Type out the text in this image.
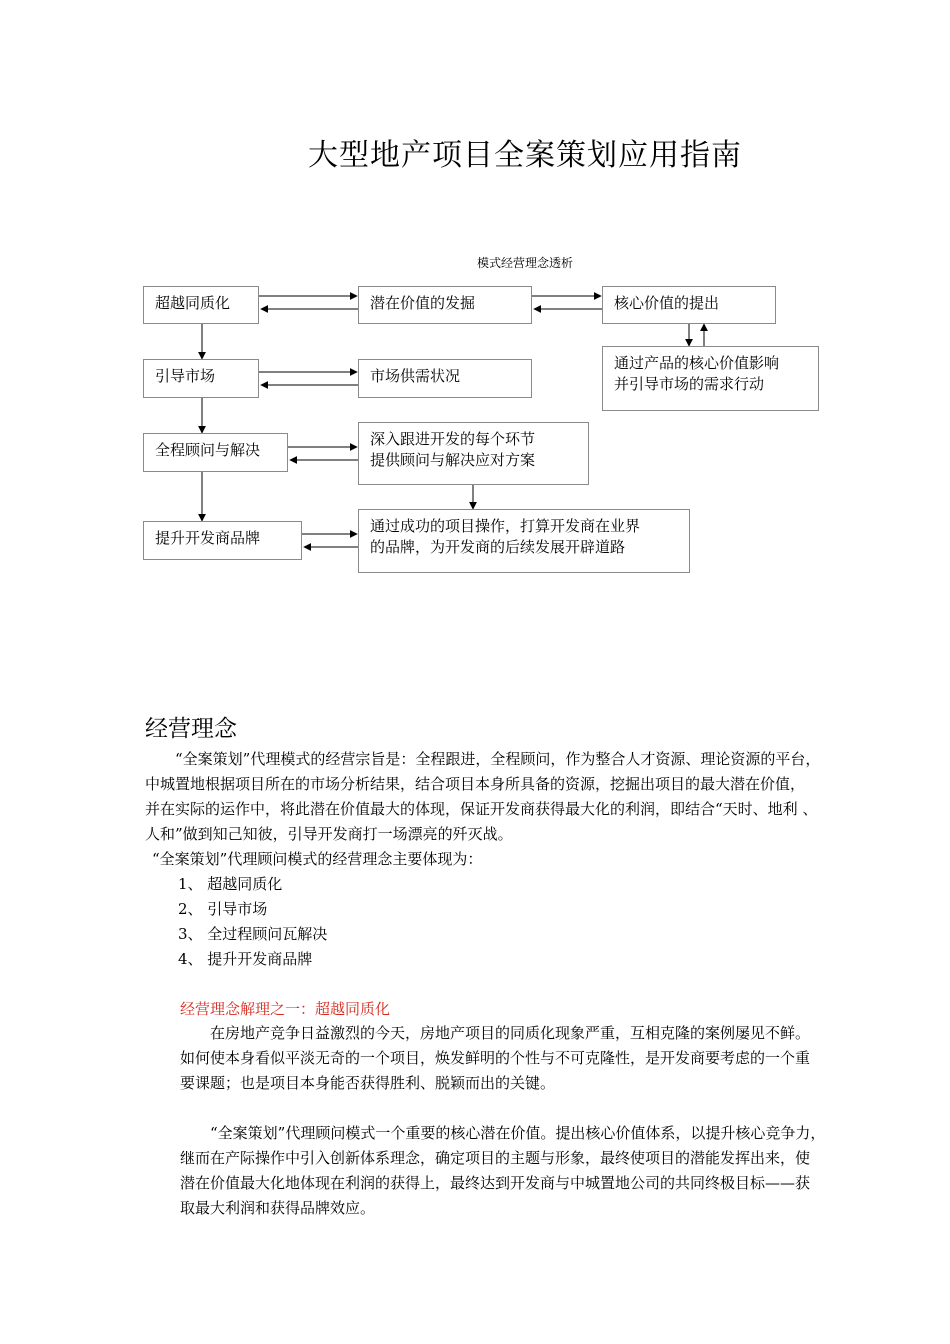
大型地产项目全案策划应用指南
模式经营理念透析
超越同质化	潜在价值的发掘	核心价值的提出
通过产品的核心价值影响
并引导市场的需求行动
引导市场	市场供需状况
全程顾问与解决
深入跟进开发的每个环节
提供顾问与解决应对方案
提升开发商品牌
通过成功的项目操作，打算开发商在业界
的品牌，为开发商的后续发展开辟道路
经营理念
“全案策划”代理模式的经营宗旨是：全程跟进，全程顾问，作为整合人才资源、理论资源的平台，
中城置地根据项目所在的市场分析结果，结合项目本身所具备的资源，挖掘出项目的最大潜在价值，
并在实际的运作中，将此潜在价值最大的体现，保证开发商获得最大化的利润，即结合“天时、地利 、
人和”做到知己知彼，引导开发商打一场漂亮的歼灭战。
“全案策划”代理顾问模式的经营理念主要体现为：
1、 超越同质化
2、 引导市场
3、 全过程顾问瓦解决
4、 提升开发商品牌
经营理念解理之一：超越同质化
在房地产竞争日益激烈的今天，房地产项目的同质化现象严重，互相克隆的案例屡见不鲜。
如何使本身看似平淡无奇的一个项目，焕发鲜明的个性与不可克隆性，是开发商要考虑的一个重
要课题；也是项目本身能否获得胜利、脱颖而出的关键。
“全案策划”代理顾问模式一个重要的核心潜在价值。提出核心价值体系，以提升核心竞争力，
继而在产际操作中引入创新体系理念，确定项目的主题与形象，最终使项目的潜能发挥出来，使
潜在价值最大化地体现在利润的获得上，最终达到开发商与中城置地公司的共同终极目标——获
取最大利润和获得品牌效应。
